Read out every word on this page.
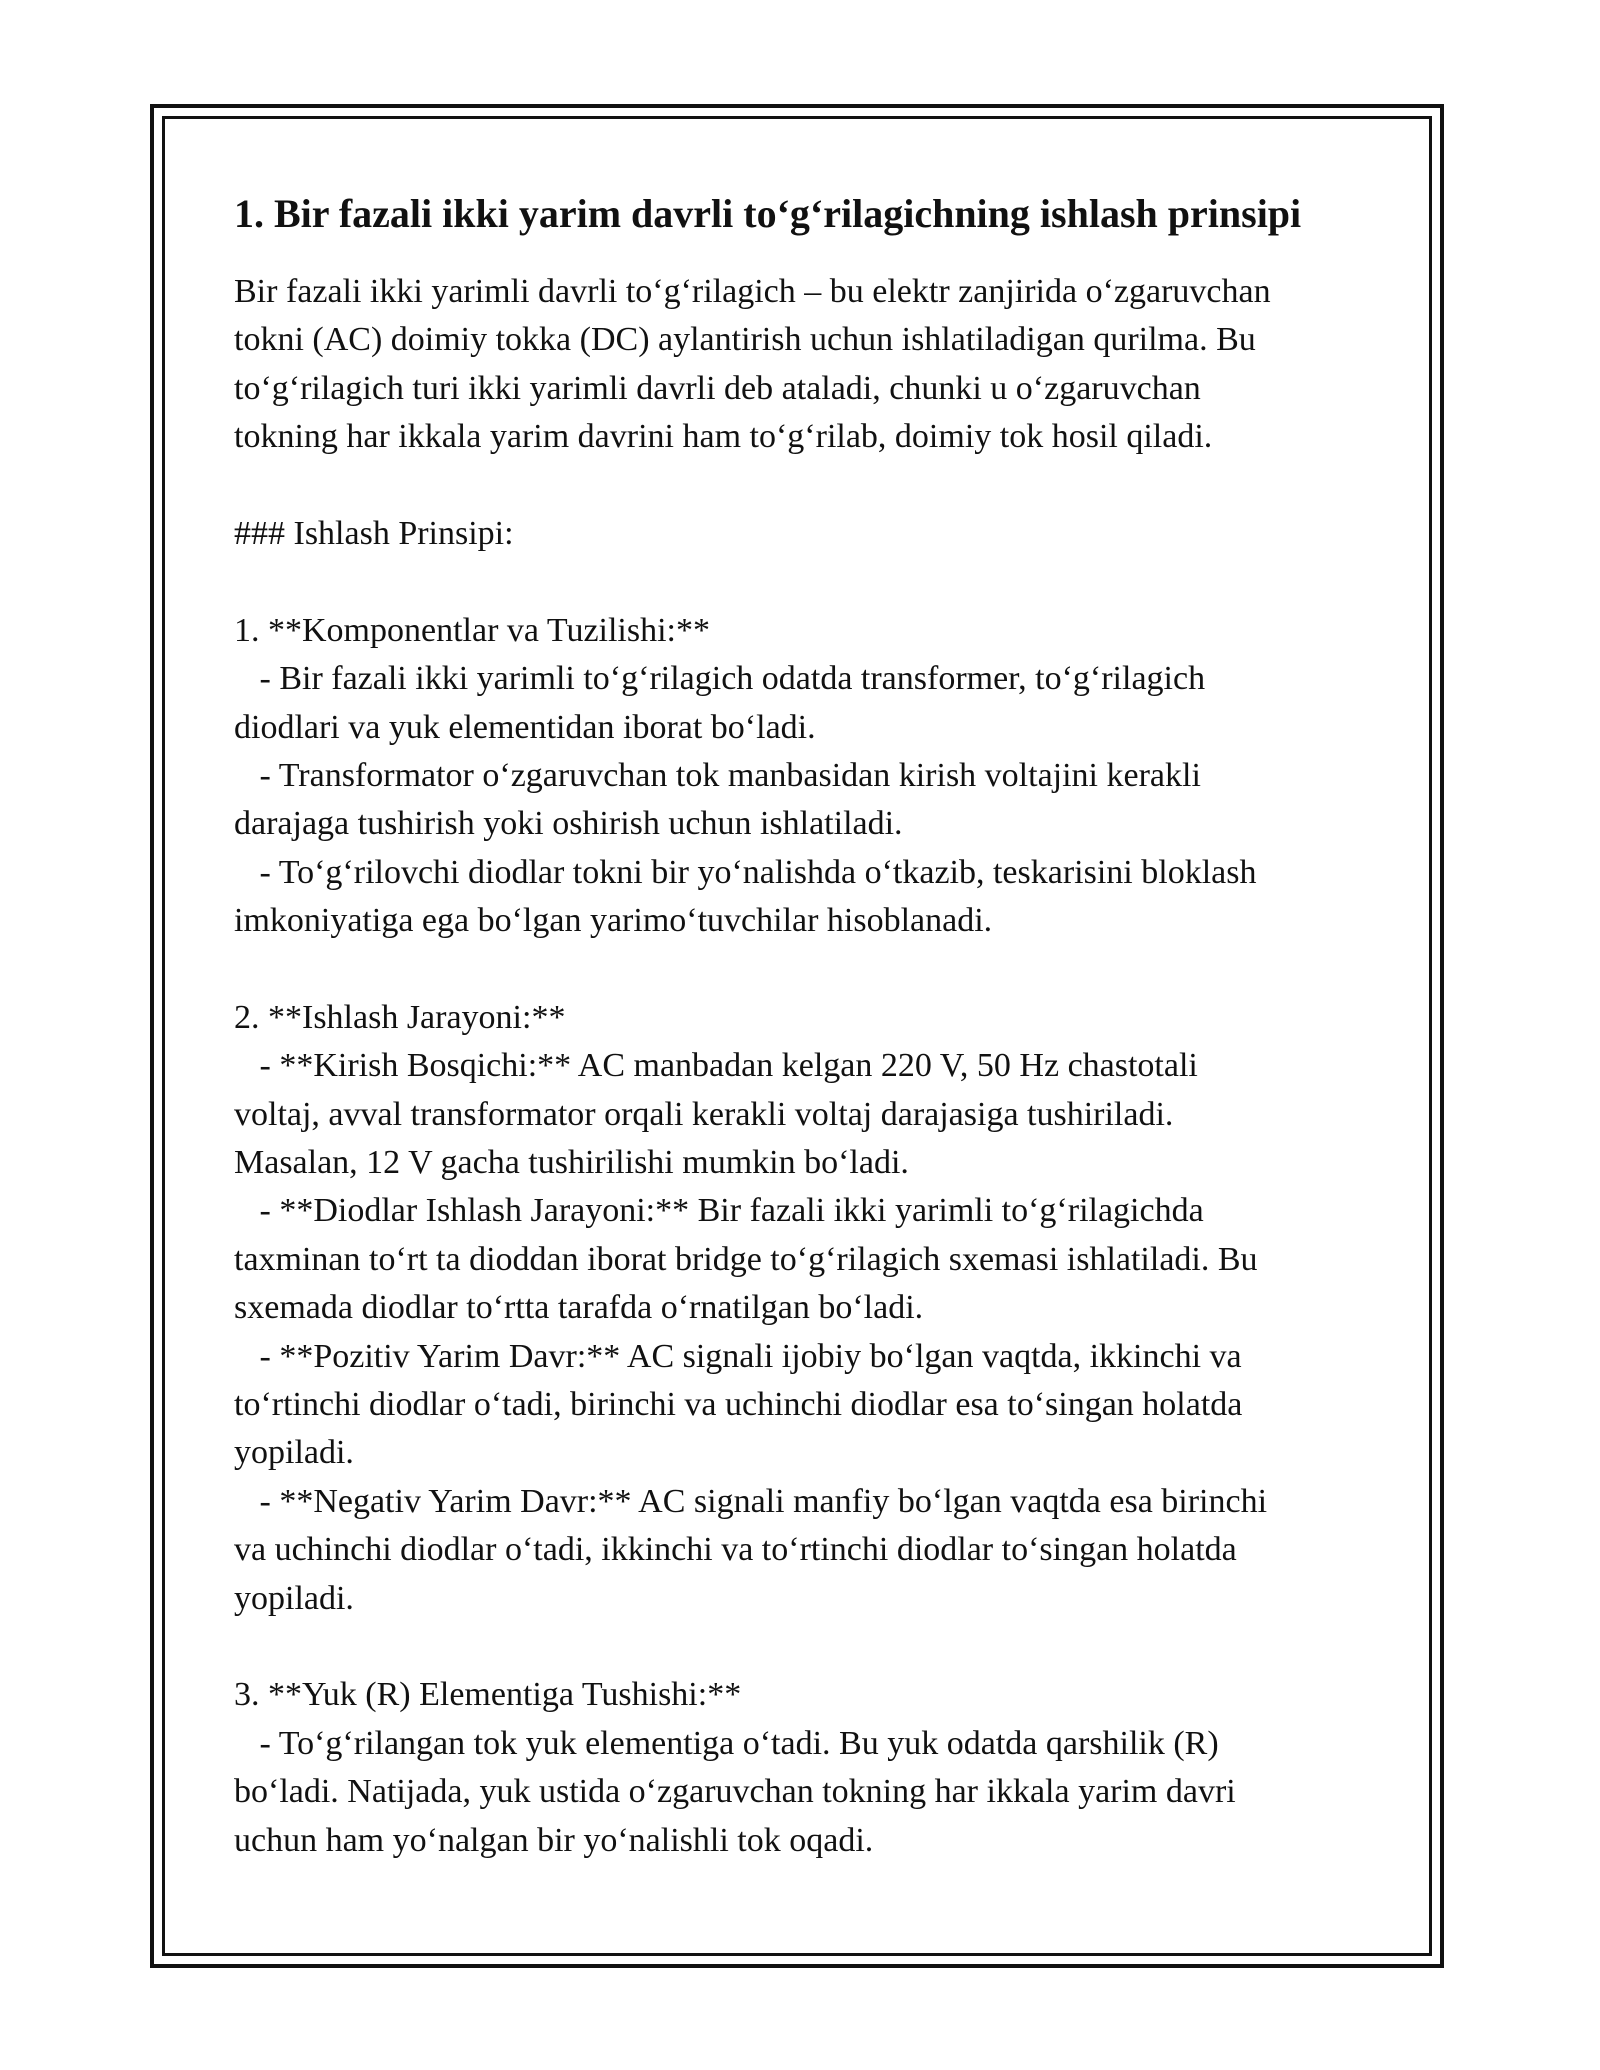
1. Bir fazali ikki yarim davrli to‘g‘rilagichning ishlash prinsipi
Bir fazali ikki yarimli davrli to‘g‘rilagich – bu elektr zanjirida o‘zgaruvchan
tokni (AC) doimiy tokka (DC) aylantirish uchun ishlatiladigan qurilma. Bu
to‘g‘rilagich turi ikki yarimli davrli deb ataladi, chunki u o‘zgaruvchan
tokning har ikkala yarim davrini ham to‘g‘rilab, doimiy tok hosil qiladi.
### Ishlash Prinsipi:
1. **Komponentlar va Tuzilishi:**
- Bir fazali ikki yarimli to‘g‘rilagich odatda transformer, to‘g‘rilagich
diodlari va yuk elementidan iborat bo‘ladi.
- Transformator o‘zgaruvchan tok manbasidan kirish voltajini kerakli
darajaga tushirish yoki oshirish uchun ishlatiladi.
- To‘g‘rilovchi diodlar tokni bir yo‘nalishda o‘tkazib, teskarisini bloklash
imkoniyatiga ega bo‘lgan yarimo‘tuvchilar hisoblanadi.
2. **Ishlash Jarayoni:**
- **Kirish Bosqichi:** AC manbadan kelgan 220 V, 50 Hz chastotali
voltaj, avval transformator orqali kerakli voltaj darajasiga tushiriladi.
Masalan, 12 V gacha tushirilishi mumkin bo‘ladi.
- **Diodlar Ishlash Jarayoni:** Bir fazali ikki yarimli to‘g‘rilagichda
taxminan to‘rt ta dioddan iborat bridge to‘g‘rilagich sxemasi ishlatiladi. Bu
sxemada diodlar to‘rtta tarafda o‘rnatilgan bo‘ladi.
- **Pozitiv Yarim Davr:** AC signali ijobiy bo‘lgan vaqtda, ikkinchi va
to‘rtinchi diodlar o‘tadi, birinchi va uchinchi diodlar esa to‘singan holatda
yopiladi.
- **Negativ Yarim Davr:** AC signali manfiy bo‘lgan vaqtda esa birinchi
va uchinchi diodlar o‘tadi, ikkinchi va to‘rtinchi diodlar to‘singan holatda
yopiladi.
3. **Yuk (R) Elementiga Tushishi:**
- To‘g‘rilangan tok yuk elementiga o‘tadi. Bu yuk odatda qarshilik (R)
bo‘ladi. Natijada, yuk ustida o‘zgaruvchan tokning har ikkala yarim davri
uchun ham yo‘nalgan bir yo‘nalishli tok oqadi.
